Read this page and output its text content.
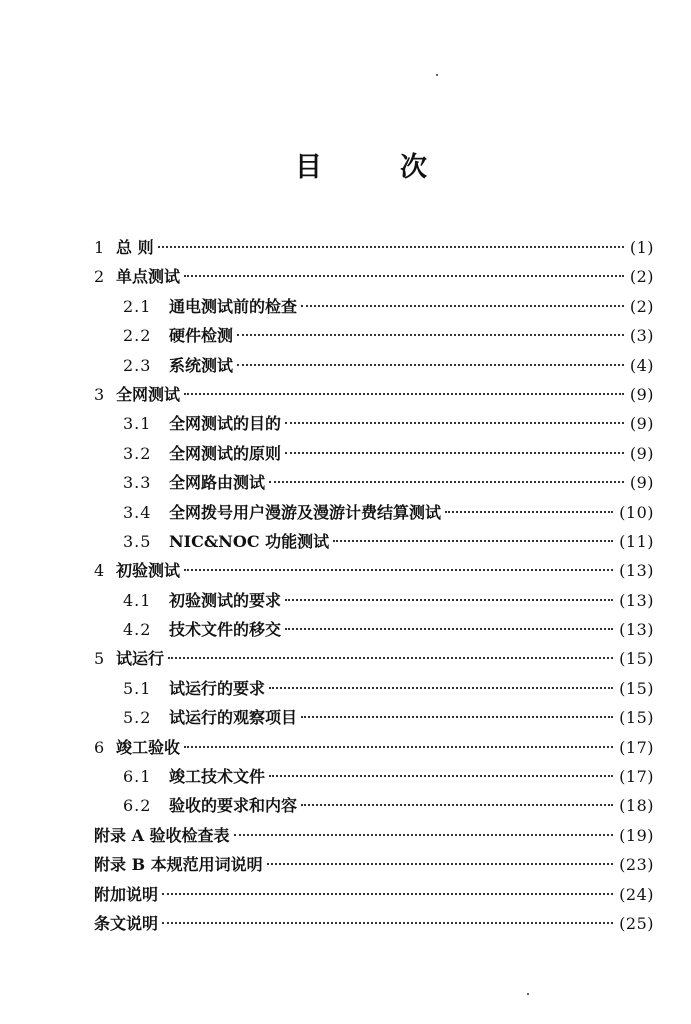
目	次
1 总 则	(1)
2 单点测试	(2)
2.1	通电测试前的检查	(2)
2.2	硬件检测	(3)
2.3	系统测试	(4)
3 全网测试	(9)
3.1	全网测试的目的	(9)
3.2	全网测试的原则	(9)
3.3	全网路由测试	(9)
3.4	全网拨号用户漫游及漫游计费结算测试	(10)
3.5	NIC&NOC 功能测试	(11)
4 初验测试	(13)
4.1	初验测试的要求	(13)
4.2	技术文件的移交	(13)
5 试运行	(15)
5.1	试运行的要求	(15)
5.2	试运行的观察项目	(15)
6 竣工验收	(17)
6.1	竣工技术文件	(17)
6.2	验收的要求和内容	(18)
附录 A 验收检查表	(19)
附录 B 本规范用词说明	(23)
附加说明	(24)
条文说明	(25)
